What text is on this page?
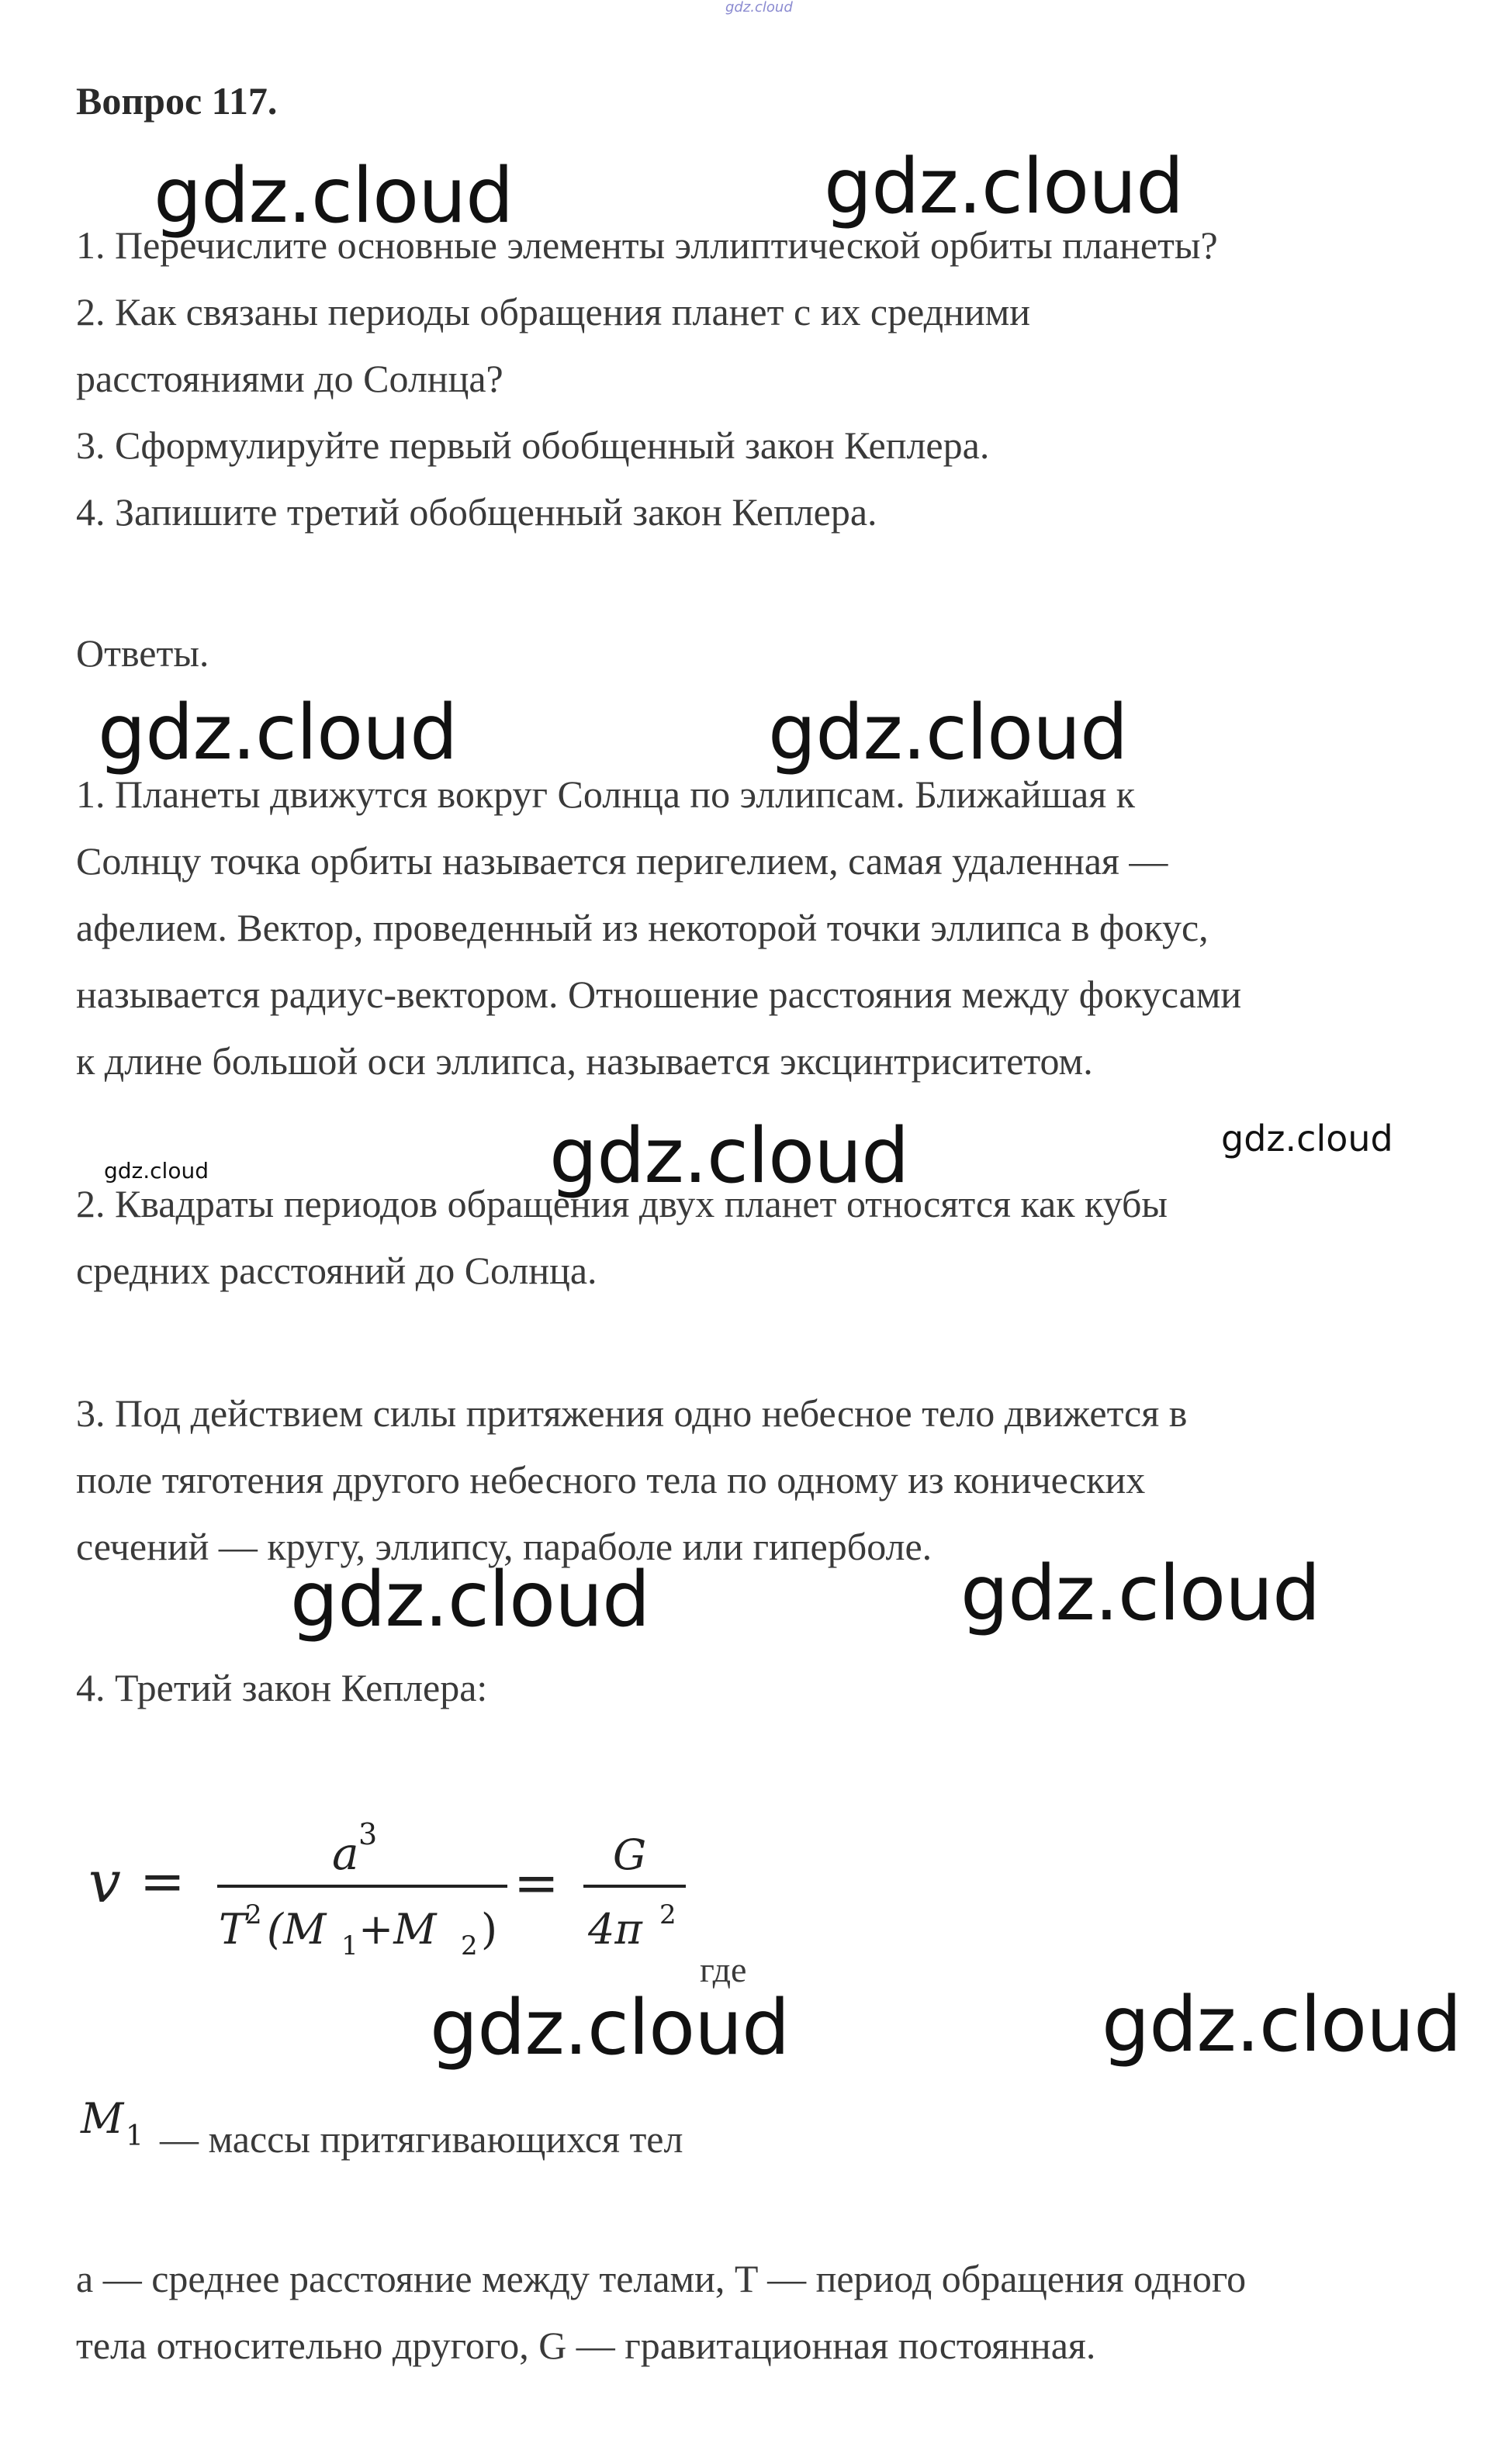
gdz.cloud
Вопрос 117.
gdz.cloud	gdz.cloud
1. Перечислите основные элементы эллиптической орбиты планеты?
2. Как связаны периоды обращения планет с их средними
расстояниями до Солнца?
3. Сформулируйте первый обобщенный закон Кеплера.
4. Запишите третий обобщенный закон Кеплера.
Ответы.
gdz.cloud	gdz.cloud
1. Планеты движутся вокруг Солнца по эллипсам. Ближайшая к
Солнцу точка орбиты называется перигелием, самая удаленная —
афелием. Вектор, проведенный из некоторой точки эллипса в фокус,
называется радиус-вектором. Отношение расстояния между фокусами
к длине большой оси эллипса, называется эксцинтриситетом.
gdz.cloud	gdz.cloud	gdz.cloud
2. Квадраты периодов обращения двух планет относятся как кубы
средних расстояний до Солнца.
3. Под действием силы притяжения одно небесное тело движется в
поле тяготения другого небесного тела по одному из конических
сечений — кругу, эллипсу, параболе или гиперболе.
gdz.cloud	gdz.cloud
4. Третий закон Кеплера:
v =	a 3
T
2 (M 1 +M 2 )
= G
4π 2
где
gdz.cloud	gdz.cloud
M 1 — массы притягивающихся тел
a — среднее расстояние между телами, T — период обращения одного
тела относительно другого, G — гравитационная постоянная.
